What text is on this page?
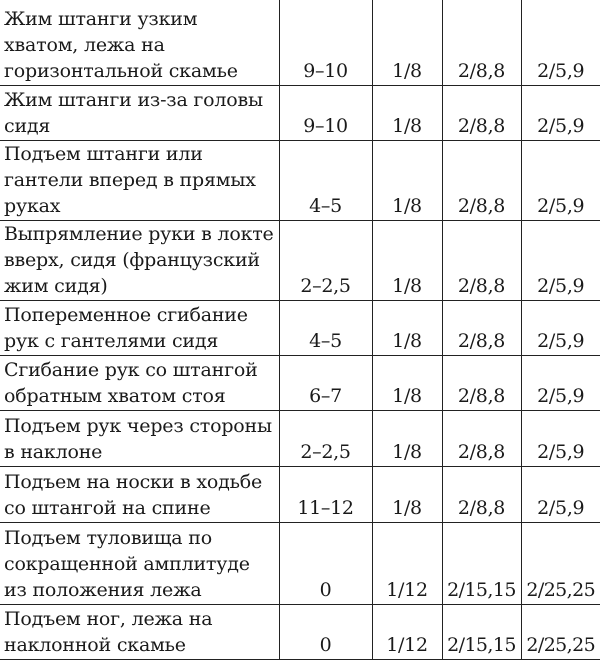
Жим штанги узким хватом, лежа на горизонтальной скамье	9–10	1/8	2/8,8	2/5,9
Жим штанги из-за головы сидя	9–10	1/8	2/8,8	2/5,9
Подъем штанги или гантели вперед в прямых руках	4–5	1/8	2/8,8	2/5,9
Выпрямление руки в локте вверх, сидя (французский жим сидя)	2–2,5	1/8	2/8,8	2/5,9
Попеременное сгибание рук с гантелями сидя	4–5	1/8	2/8,8	2/5,9
Сгибание рук со штангой обратным хватом стоя	6–7	1/8	2/8,8	2/5,9
Подъем рук через стороны в наклоне	2–2,5	1/8	2/8,8	2/5,9
Подъем на носки в ходьбе со штангой на спине	11–12	1/8	2/8,8	2/5,9
Подъем туловища по сокращенной амплитуде из положения лежа	0	1/12	2/15,15	2/25,25
Подъем ног, лежа на наклонной скамье	0	1/12	2/15,15	2/25,25
